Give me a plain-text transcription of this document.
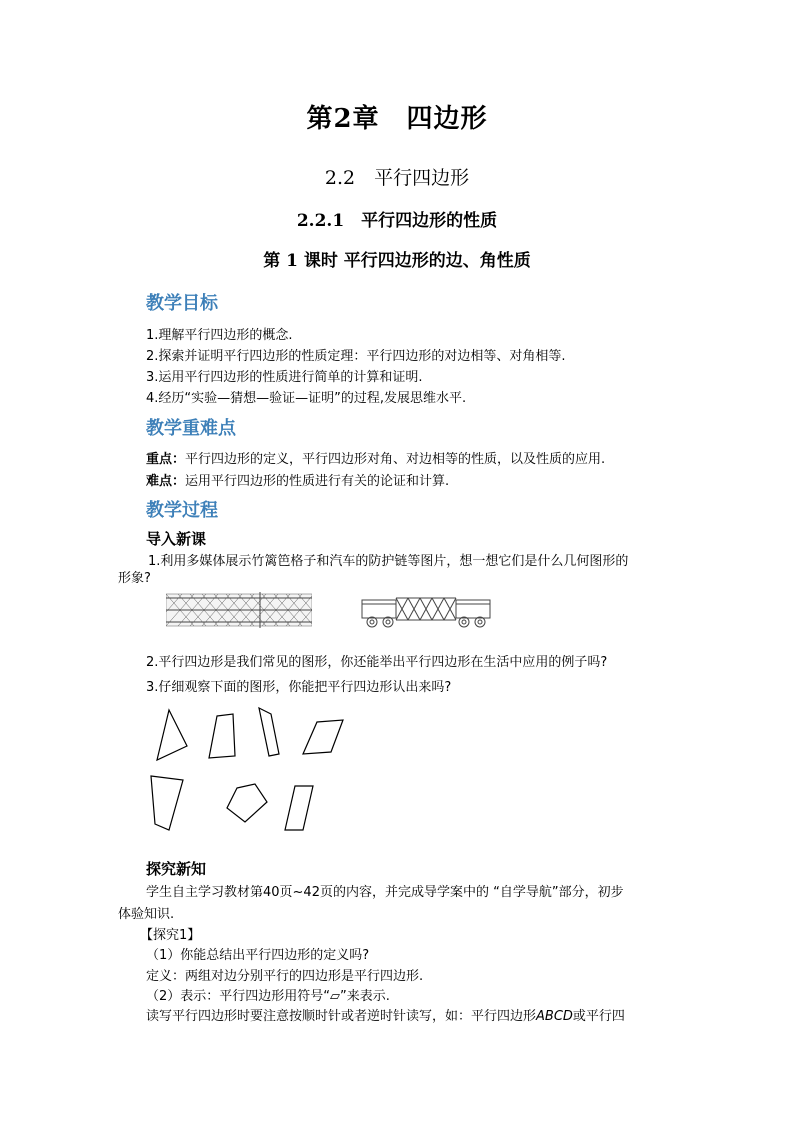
第2章　四边形
2.2　平行四边形
2.2.1　平行四边形的性质
第 1 课时 平行四边形的边、角性质
教学目标
1.理解平行四边形的概念.
2.探索并证明平行四边形的性质定理：平行四边形的对边相等、对角相等.
3.运用平行四边形的性质进行简单的计算和证明.
4.经历“实验—猜想—验证—证明”的过程,发展思维水平.
教学重难点
重点：平行四边形的定义，平行四边形对角、对边相等的性质，以及性质的应用.
难点：运用平行四边形的性质进行有关的论证和计算.
教学过程
导入新课
1.利用多媒体展示竹篱笆格子和汽车的防护链等图片，想一想它们是什么几何图形的
形象?
2.平行四边形是我们常见的图形，你还能举出平行四边形在生活中应用的例子吗?
3.仔细观察下面的图形，你能把平行四边形认出来吗?
探究新知
学生自主学习教材第40页~42页的内容，并完成导学案中的 “自学导航”部分，初步
体验知识.
【探究1】
（1）你能总结出平行四边形的定义吗?
定义：两组对边分别平行的四边形是平行四边形.
（2）表示：平行四边形用符号“▱”来表示.
读写平行四边形时要注意按顺时针或者逆时针读写，如：平行四边形ABCD或平行四
